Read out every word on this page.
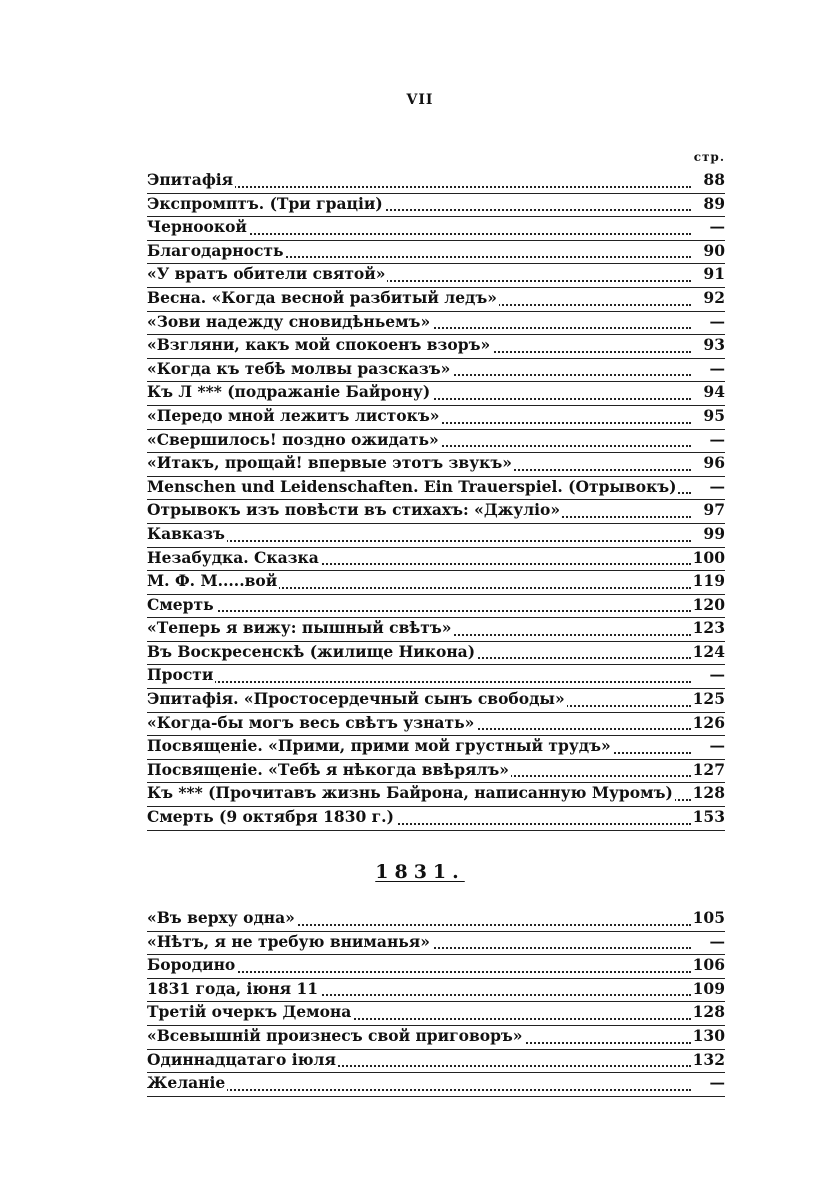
VII
стр.
Эпитафія	88
Экспромптъ. (Три граціи)	89
Черноокой	—
Благодарность	90
«У вратъ обители святой»	91
Весна. «Когда весной разбитый ледъ»	92
«Зови надежду сновидѣньемъ»	—
«Взгляни, какъ мой спокоенъ взоръ»	93
«Когда къ тебѣ молвы разсказъ»	—
Къ Л *** (подражаніе Байрону)	94
«Передо мной лежитъ листокъ»	95
«Свершилось! поздно ожидать»	—
«Итакъ, прощай! впервые этотъ звукъ»	96
Menschen und Leidenschaften. Ein Trauerspiel. (Отрывокъ)	—
Отрывокъ изъ повѣсти въ стихахъ: «Джуліо»	97
Кавказъ	99
Незабудка. Сказка	100
М. Ф. М.....вой	119
Смерть	120
«Теперь я вижу: пышный свѣтъ»	123
Въ Воскресенскѣ (жилище Никона)	124
Прости	—
Эпитафія. «Простосердечный сынъ свободы»	125
«Когда-бы могъ весь свѣтъ узнать»	126
Посвященіе. «Прими, прими мой грустный трудъ»	—
Посвященіе. «Тебѣ я нѣкогда ввѣрялъ»	127
Къ *** (Прочитавъ жизнь Байрона, написанную Муромъ) 128
Смерть (9 октября 1830 г.)	153
1831.
«Въ верху одна»	105
«Нѣтъ, я не требую вниманья»	—
Бородино	106
1831 года, іюня 11	109
Третій очеркъ Демона	128
«Всевышній произнесъ свой приговоръ»	130
Одиннадцатаго іюля	132
Желаніе	—
